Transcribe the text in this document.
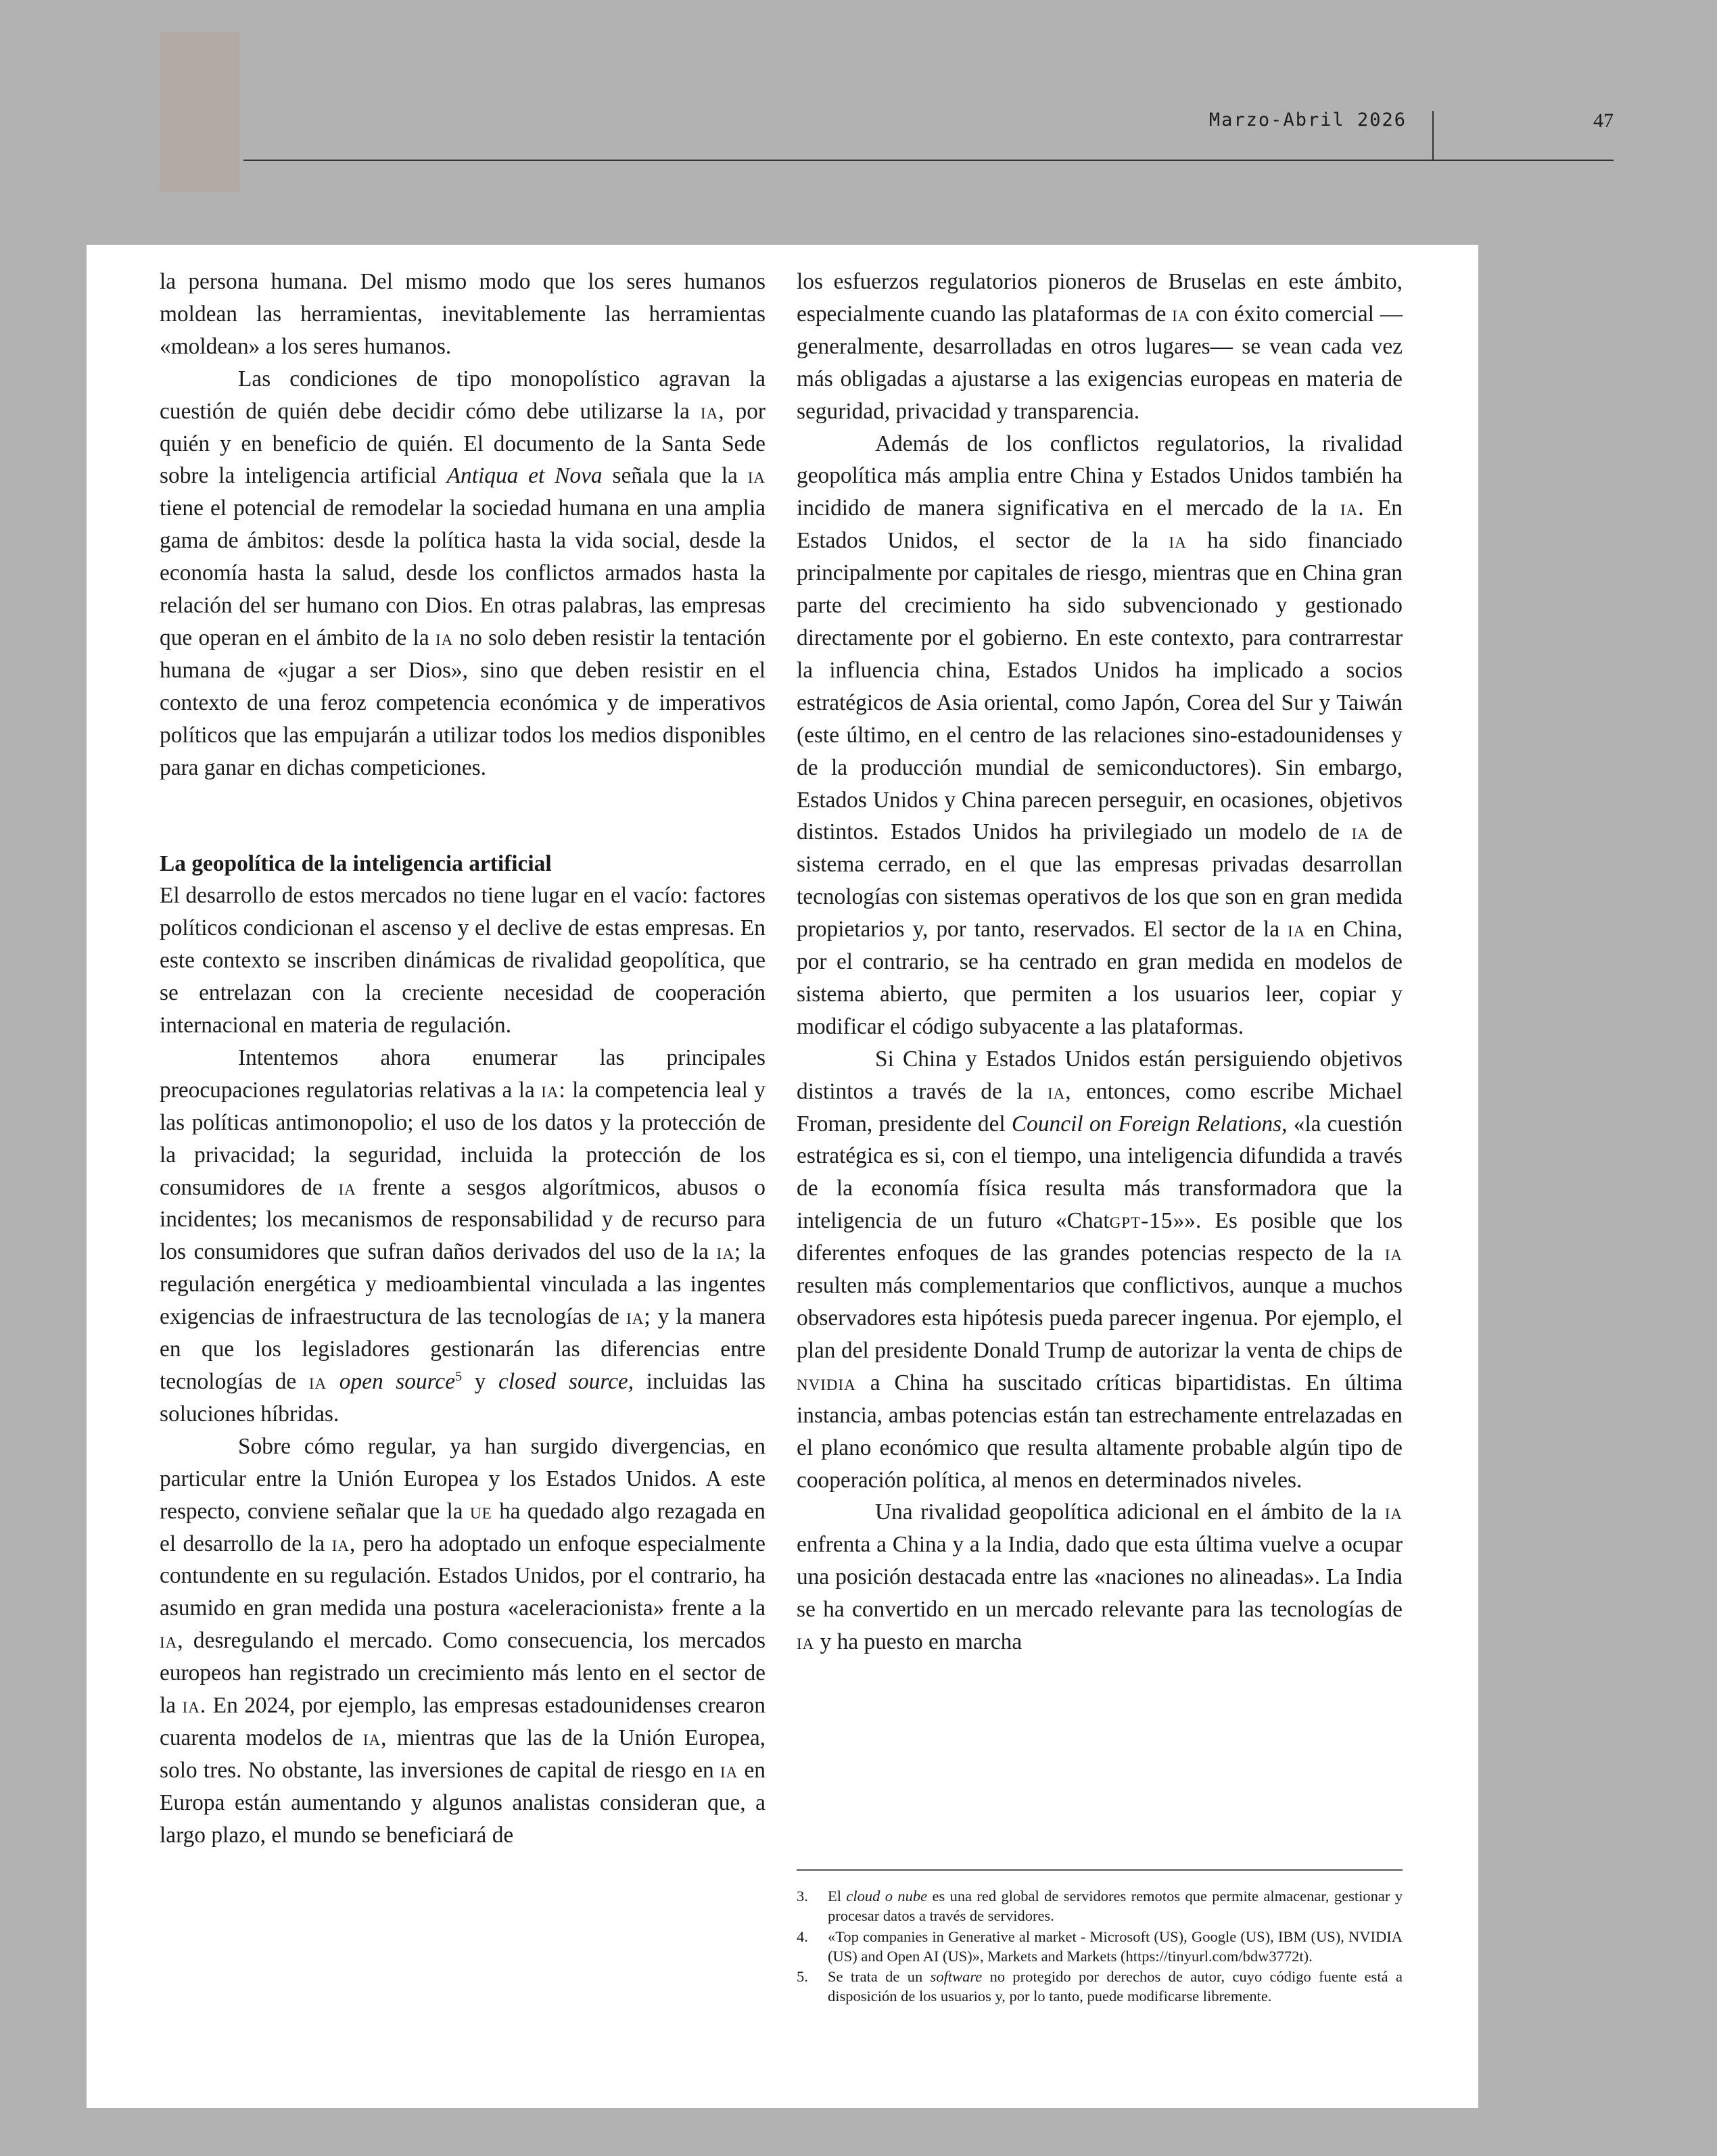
Marzo-Abril 2026	47

la persona humana. Del mismo modo que los seres humanos moldean las herramientas, inevitablemente las herramientas «moldean» a los seres humanos.

Las condiciones de tipo monopolístico agravan la cuestión de quién debe decidir cómo debe utilizarse la ia, por quién y en beneficio de quién. El documento de la Santa Sede sobre la inteligencia artificial Antiqua et Nova señala que la ia tiene el potencial de remodelar la sociedad humana en una amplia gama de ámbitos: desde la política hasta la vida social, desde la economía hasta la salud, desde los conflictos armados hasta la relación del ser humano con Dios. En otras palabras, las empresas que operan en el ámbito de la ia no solo deben resistir la tentación humana de «jugar a ser Dios», sino que deben resistir en el contexto de una feroz competencia económica y de imperativos políticos que las empujarán a utilizar todos los medios disponibles para ganar en dichas competiciones.

La geopolítica de la inteligencia artificial

El desarrollo de estos mercados no tiene lugar en el vacío: factores políticos condicionan el ascenso y el declive de estas empresas. En este contexto se inscriben dinámicas de rivalidad geopolítica, que se entrelazan con la creciente necesidad de cooperación internacional en materia de regulación.

Intentemos ahora enumerar las principales preocupaciones regulatorias relativas a la ia: la competencia leal y las políticas antimonopolio; el uso de los datos y la protección de la privacidad; la seguridad, incluida la protección de los consumidores de ia frente a sesgos algorítmicos, abusos o incidentes; los mecanismos de responsabilidad y de recurso para los consumidores que sufran daños derivados del uso de la ia; la regulación energética y medioambiental vinculada a las ingentes exigencias de infraestructura de las tecnologías de ia; y la manera en que los legisladores gestionarán las diferencias entre tecnologías de ia open source$^5$ y closed source, incluidas las soluciones híbridas.

Sobre cómo regular, ya han surgido divergencias, en particular entre la Unión Europea y los Estados Unidos. A este respecto, conviene señalar que la ue ha quedado algo rezagada en el desarrollo de la ia, pero ha adoptado un enfoque especialmente contundente en su regulación. Estados Unidos, por el contrario, ha asumido en gran medida una postura «aceleracionista» frente a la ia, desregulando el mercado. Como consecuencia, los mercados europeos han registrado un crecimiento más lento en el sector de la ia. En 2024, por ejemplo, las empresas estadounidenses crearon cuarenta modelos de ia, mientras que las de la Unión Europea, solo tres. No obstante, las inversiones de capital de riesgo en ia en Europa están aumentando y algunos analistas consideran que, a largo plazo, el mundo se beneficiará de

los esfuerzos regulatorios pioneros de Bruselas en este ámbito, especialmente cuando las plataformas de ia con éxito comercial —generalmente, desarrolladas en otros lugares— se vean cada vez más obligadas a ajustarse a las exigencias europeas en materia de seguridad, privacidad y transparencia.

Además de los conflictos regulatorios, la rivalidad geopolítica más amplia entre China y Estados Unidos también ha incidido de manera significativa en el mercado de la ia. En Estados Unidos, el sector de la ia ha sido financiado principalmente por capitales de riesgo, mientras que en China gran parte del crecimiento ha sido subvencionado y gestionado directamente por el gobierno. En este contexto, para contrarrestar la influencia china, Estados Unidos ha implicado a socios estratégicos de Asia oriental, como Japón, Corea del Sur y Taiwán (este último, en el centro de las relaciones sino-estadounidenses y de la producción mundial de semiconductores). Sin embargo, Estados Unidos y China parecen perseguir, en ocasiones, objetivos distintos. Estados Unidos ha privilegiado un modelo de ia de sistema cerrado, en el que las empresas privadas desarrollan tecnologías con sistemas operativos de los que son en gran medida propietarios y, por tanto, reservados. El sector de la ia en China, por el contrario, se ha centrado en gran medida en modelos de sistema abierto, que permiten a los usuarios leer, copiar y modificar el código subyacente a las plataformas.

Si China y Estados Unidos están persiguiendo objetivos distintos a través de la ia, entonces, como escribe Michael Froman, presidente del Council on Foreign Relations, «la cuestión estratégica es si, con el tiempo, una inteligencia difundida a través de la economía física resulta más transformadora que la inteligencia de un futuro «Chatgpt-15»». Es posible que los diferentes enfoques de las grandes potencias respecto de la ia resulten más complementarios que conflictivos, aunque a muchos observadores esta hipótesis pueda parecer ingenua. Por ejemplo, el plan del presidente Donald Trump de autorizar la venta de chips de nvidia a China ha suscitado críticas bipartidistas. En última instancia, ambas potencias están tan estrechamente entrelazadas en el plano económico que resulta altamente probable algún tipo de cooperación política, al menos en determinados niveles.

Una rivalidad geopolítica adicional en el ámbito de la ia enfrenta a China y a la India, dado que esta última vuelve a ocupar una posición destacada entre las «naciones no alineadas». La India se ha convertido en un mercado relevante para las tecnologías de ia y ha puesto en marcha

3. El cloud o nube es una red global de servidores remotos que permite almacenar, gestionar y procesar datos a través de servidores.
4. «Top companies in Generative al market - Microsoft (US), Google (US), IBM (US), NVIDIA (US) and Open AI (US)», Markets and Markets (https://tinyurl.com/bdw3772t).
5. Se trata de un software no protegido por derechos de autor, cuyo código fuente está a disposición de los usuarios y, por lo tanto, puede modificarse libremente.
